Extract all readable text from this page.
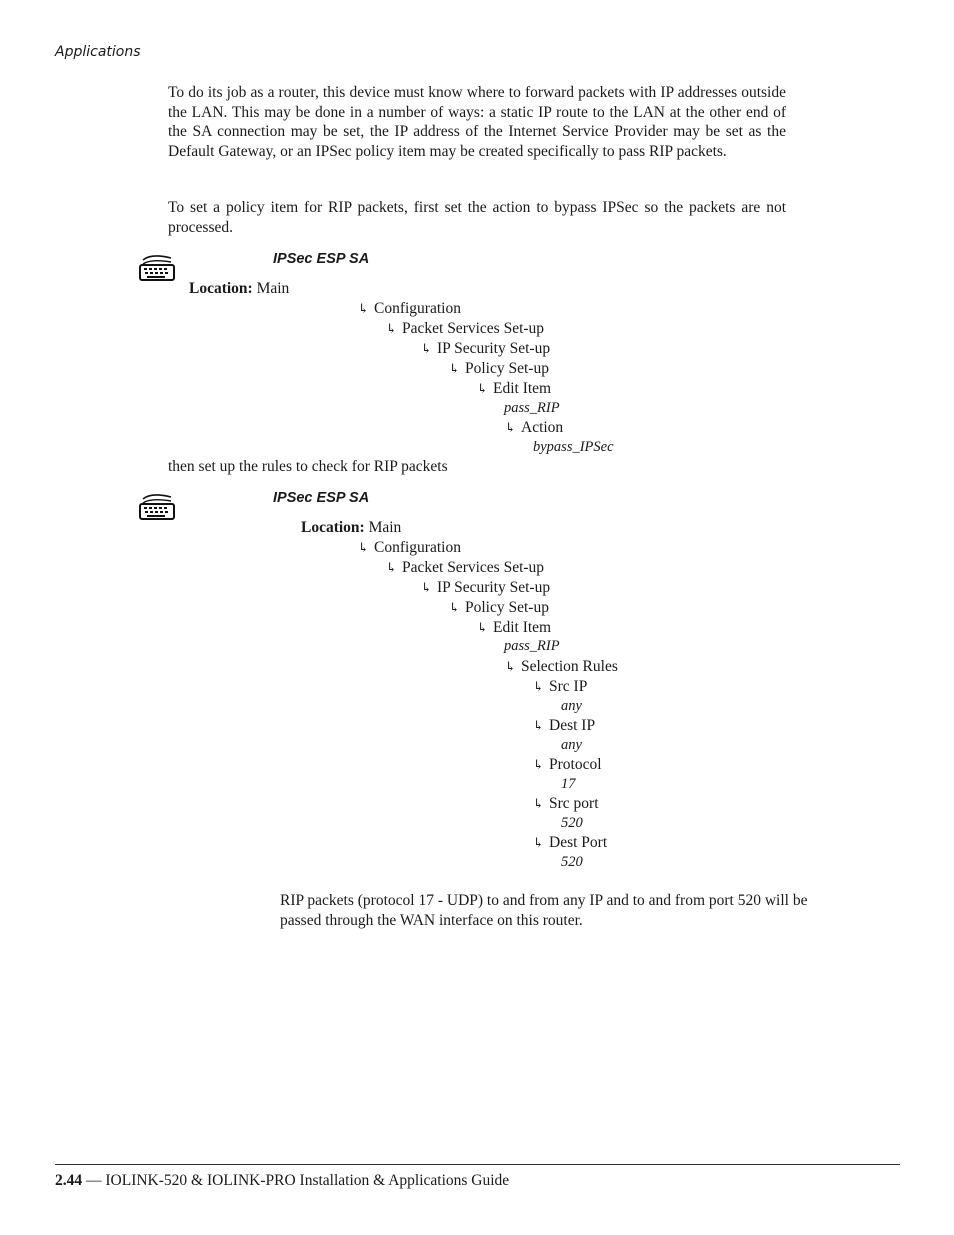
Applications
To do its job as a router, this device must know where to forward packets with IP addresses outside the LAN. This may be done in a number of ways: a static IP route to the LAN at the other end of the SA connection may be set, the IP address of the Internet Service Provider may be set as the Default Gateway, or an IPSec policy item may be created specifically to pass RIP packets.
To set a policy item for RIP packets, first set the action to bypass IPSec so the packets are not processed.
IPSec ESP SA
Location: Main
↳ Configuration
↳ Packet Services Set-up
↳ IP Security Set-up
↳ Policy Set-up
↳ Edit Item
pass_RIP
↳ Action
bypass_IPSec
then set up the rules to check for RIP packets
IPSec ESP SA
Location: Main
↳ Configuration
↳ Packet Services Set-up
↳ IP Security Set-up
↳ Policy Set-up
↳ Edit Item
pass_RIP
↳ Selection Rules
↳ Src IP
any
↳ Dest IP
any
↳ Protocol
17
↳ Src port
520
↳ Dest Port
520
RIP packets (protocol 17 - UDP) to and from any IP and to and from port 520 will be passed through the WAN interface on this router.
2.44 — IOLINK-520 & IOLINK-PRO Installation & Applications Guide
